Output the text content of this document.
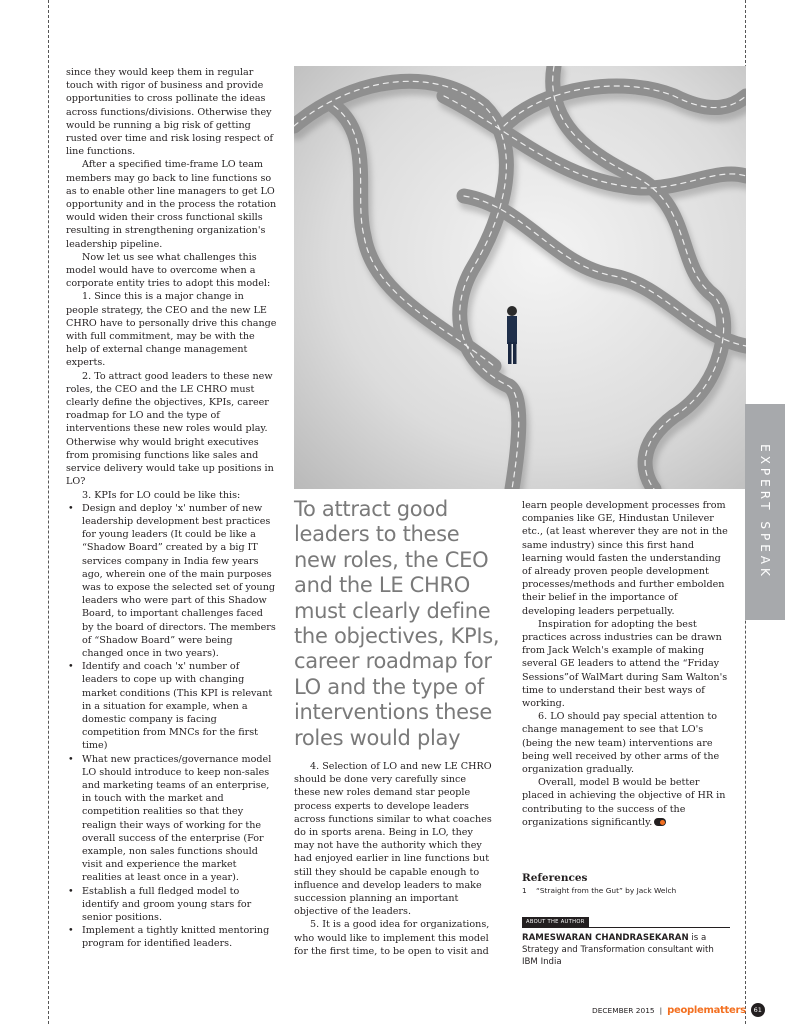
since they would keep them in regular touch with rigor of business and provide opportunities to cross pollinate the ideas across functions/divisions. Otherwise they would be running a big risk of getting rusted over time and risk losing respect of line functions.

After a specified time-frame LO team members may go back to line functions so as to enable other line managers to get LO opportunity and in the process the rotation would widen their cross functional skills resulting in strengthening organization's leadership pipeline.

Now let us see what challenges this model would have to overcome when a corporate entity tries to adopt this model:

1. Since this is a major change in people strategy, the CEO and the new LE CHRO have to personally drive this change with full commitment, may be with the help of external change management experts.

2. To attract good leaders to these new roles, the CEO and the LE CHRO must clearly define the objectives, KPIs, career roadmap for LO and the type of interventions these new roles would play. Otherwise why would bright executives from promising functions like sales and service delivery would take up positions in LO?

3. KPIs for LO could be like this:

• Design and deploy 'x' number of new leadership development best practices for young leaders (It could be like a “Shadow Board” created by a big IT services company in India few years ago, wherein one of the main purposes was to expose the selected set of young leaders who were part of this Shadow Board, to important challenges faced by the board of directors. The members of “Shadow Board” were being changed once in two years).
• Identify and coach 'x' number of leaders to cope up with changing market conditions (This KPI is relevant in a situation for example, when a domestic company is facing competition from MNCs for the first time)
• What new practices/governance model LO should introduce to keep non-sales and marketing teams of an enterprise, in touch with the market and competition realities so that they realign their ways of working for the overall success of the enterprise (For example, non sales functions should visit and experience the market realities at least once in a year).
• Establish a full fledged model to identify and groom young stars for senior positions.
• Implement a tightly knitted mentoring program for identified leaders.
To attract good leaders to these new roles, the CEO and the LE CHRO must clearly define the objectives, KPIs, career roadmap for LO and the type of interventions these roles would play

4. Selection of LO and new LE CHRO should be done very carefully since these new roles demand star people process experts to develope leaders across functions similar to what coaches do in sports arena. Being in LO, they may not have the authority which they had enjoyed earlier in line functions but still they should be capable enough to influence and develop leaders to make succession planning an important objective of the leaders.

5. It is a good idea for organizations, who would like to implement this model for the first time, to be open to visit and

learn people development processes from companies like GE, Hindustan Unilever etc., (at least wherever they are not in the same industry) since this first hand learning would fasten the understanding of already proven people development processes/methods and further embolden their belief in the importance of developing leaders perpetually.

Inspiration for adopting the best practices across industries can be drawn from Jack Welch's example of making several GE leaders to attend the “Friday Sessions”of WalMart during Sam Walton's time to understand their best ways of working.

6. LO should pay special attention to change management to see that LO's (being the new team) interventions are being well received by other arms of the organization gradually.

Overall, model B would be better placed in achieving the objective of HR in contributing to the success of the organizations significantly.

References
1 “Straight from the Gut” by Jack Welch
ABOUT THE AUTHOR
RAMESWARAN CHANDRASEKARAN is a Strategy and Transformation consultant with IBM India
EXPERT SPEAK
DECEMBER 2015 | peoplematters	61
